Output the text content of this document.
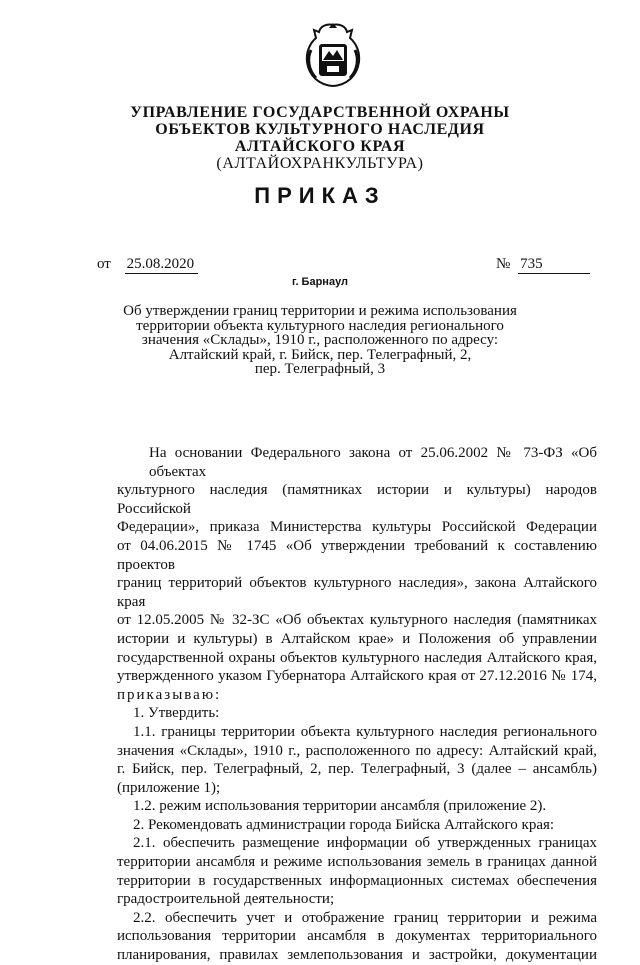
УПРАВЛЕНИЕ ГОСУДАРСТВЕННОЙ ОХРАНЫ
ОБЪЕКТОВ КУЛЬТУРНОГО НАСЛЕДИЯ
АЛТАЙСКОГО КРАЯ
(АЛТАЙОХРАНКУЛЬТУРА)
ПРИКАЗ
от 25.08.2020	№ 735
г. Барнаул
Об утверждении границ территории и режима использования
территории объекта культурного наследия регионального
значения «Склады», 1910 г., расположенного по адресу:
Алтайский край, г. Бийск, пер. Телеграфный, 2,
пер. Телеграфный, 3

На основании Федерального закона от 25.06.2002 № 73-ФЗ «Об объектах

культурного наследия (памятниках истории и культуры) народов Российской

Федерации», приказа Министерства культуры Российской Федерации

от 04.06.2015 № 1745 «Об утверждении требований к составлению проектов

границ территорий объектов культурного наследия», закона Алтайского края

от 12.05.2005 № 32-ЗС «Об объектах культурного наследия (памятниках

истории и культуры) в Алтайском крае» и Положения об управлении

государственной охраны объектов культурного наследия Алтайского края,

утвержденного указом Губернатора Алтайского края от 27.12.2016 № 174,

приказываю:

1. Утвердить:

1.1. границы территории объекта культурного наследия регионального

значения «Склады», 1910 г., расположенного по адресу: Алтайский край,

г. Бийск, пер. Телеграфный, 2, пер. Телеграфный, 3 (далее – ансамбль)

(приложение 1);

1.2. режим использования территории ансамбля (приложение 2).

2. Рекомендовать администрации города Бийска Алтайского края:

2.1. обеспечить размещение информации об утвержденных границах

территории ансамбля и режиме использования земель в границах данной

территории в государственных информационных системах обеспечения

градостроительной деятельности;

2.2. обеспечить учет и отображение границ территории и режима

использования территории ансамбля в документах территориального

планирования, правилах землепользования и застройки, документации
